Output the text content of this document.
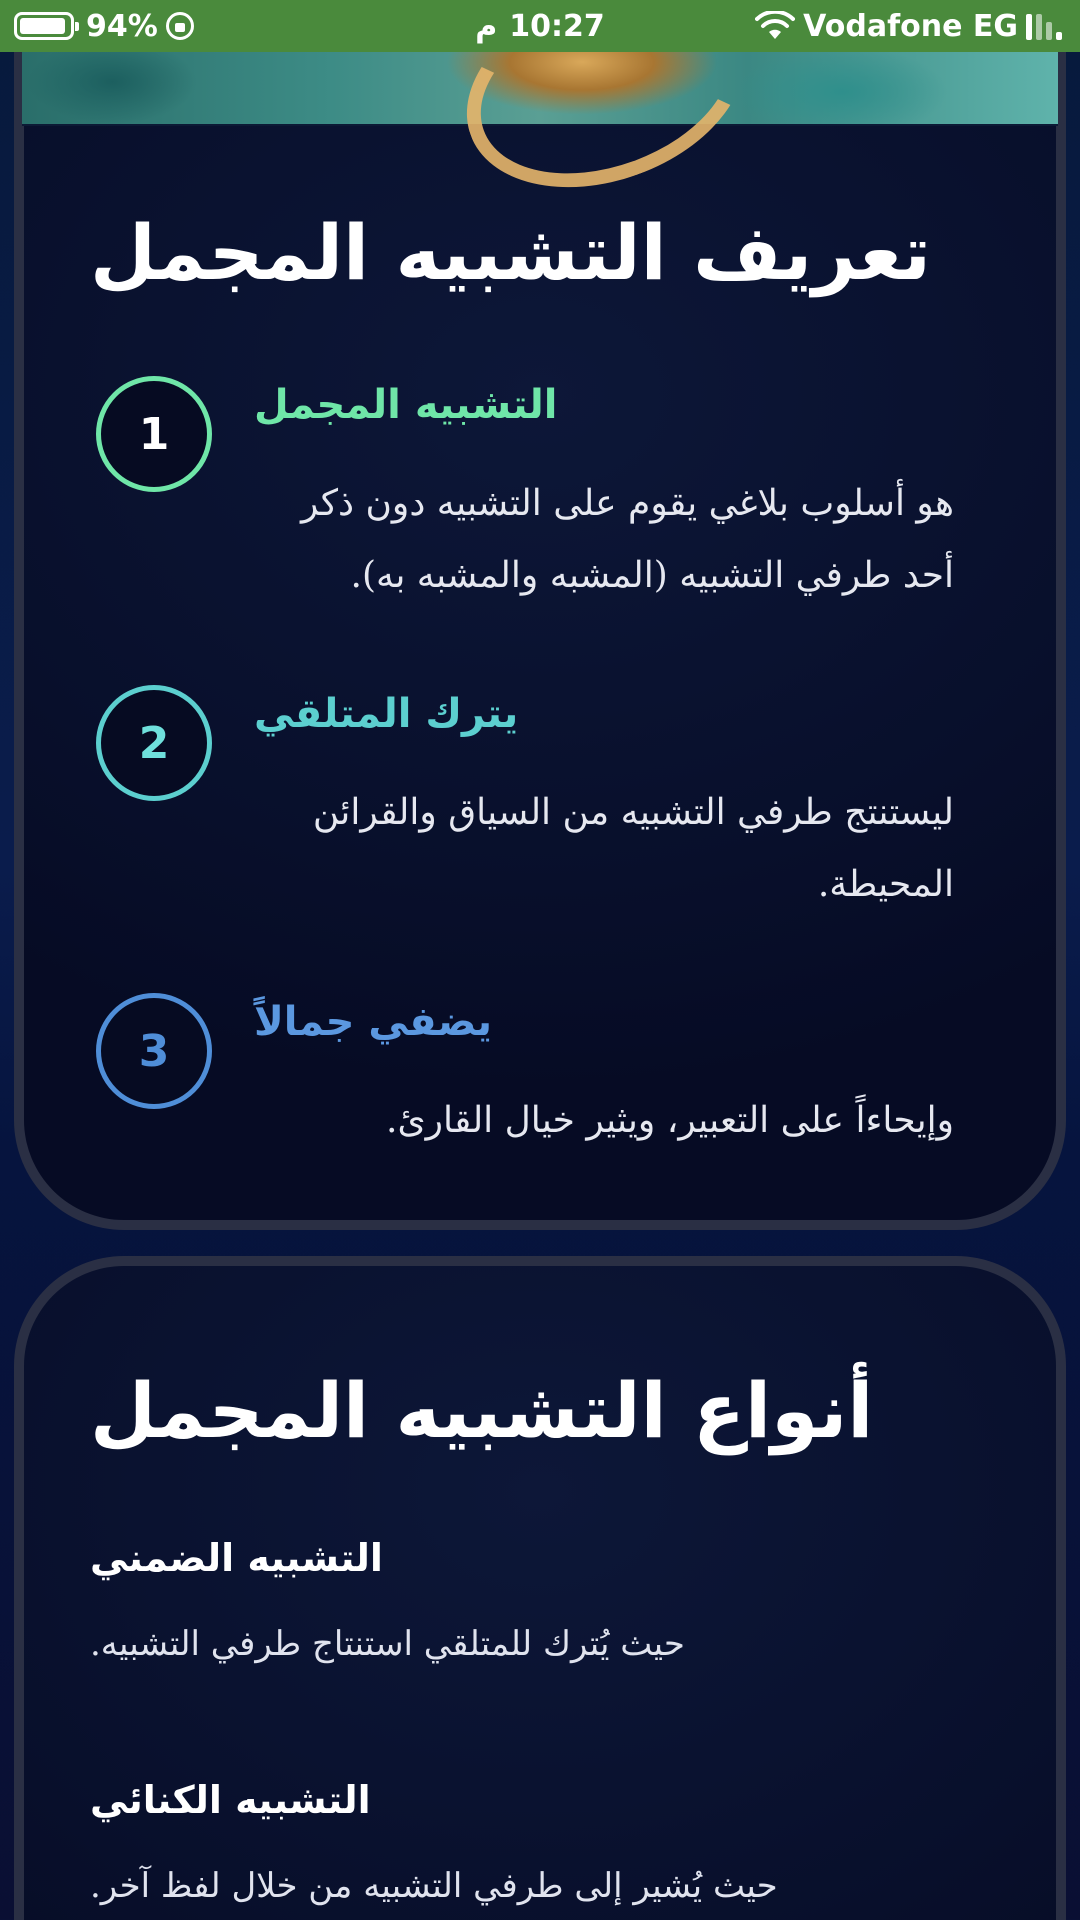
94%	م 10:27	Vodafone EG
تعريف التشبيه المجمل
1
التشبيه المجمل
هو أسلوب بلاغي يقوم على التشبيه دون ذكر أحد طرفي التشبيه (المشبه والمشبه به).
2
يترك المتلقي
ليستنتج طرفي التشبيه من السياق والقرائن المحيطة.
3
يضفي جمالاً
وإيحاءاً على التعبير، ويثير خيال القارئ.
أنواع التشبيه المجمل
التشبيه الضمني
حيث يُترك للمتلقي استنتاج طرفي التشبيه.
التشبيه الكنائي
حيث يُشير إلى طرفي التشبيه من خلال لفظ آخر.
